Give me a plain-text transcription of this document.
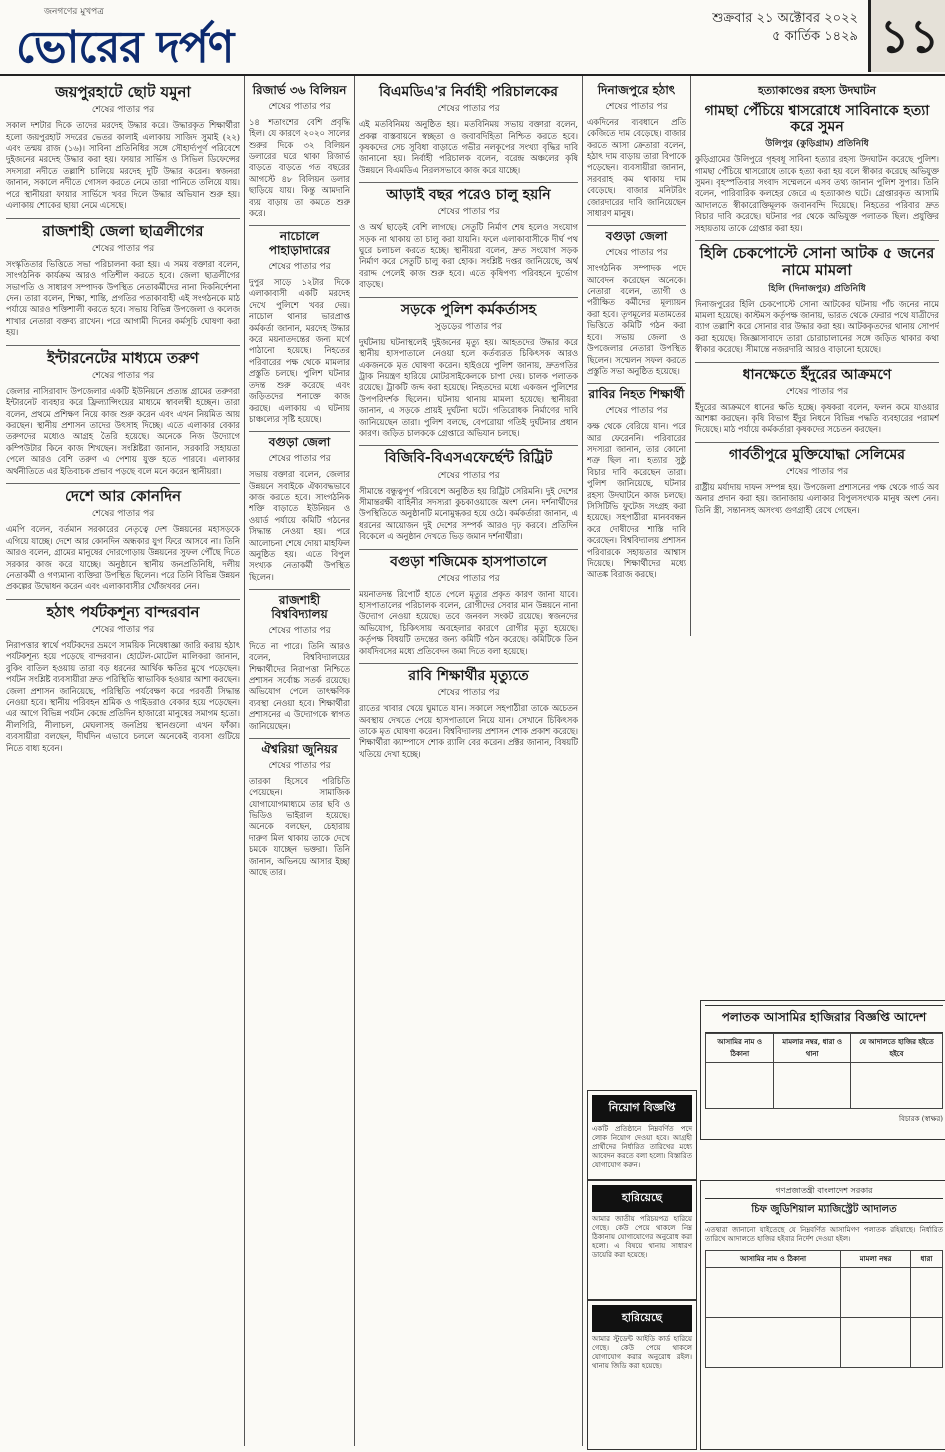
জনগণের মুখপত্র
ভোরের দর্পণ
শুক্রবার ২১ অক্টোবর ২০২২
৫ কার্তিক ১৪২৯ ১১
জয়পুরহাটে ছোট যমুনা
শেষের পাতার পর

সকাল দশটার দিকে তাদের মরদেহ উদ্ধার করে। উদ্ধারকৃত শিক্ষার্থীরা হলো জয়পুরহাট সদরের ভেতর কালাই এলাকায় সাজিদ সুমাই (২২) এবং তন্ময় রাজ (১৬)। সাবিনা প্রতিনিধির সঙ্গে সৌহার্দ্যপূর্ণ পরিবেশে দুইজনের মরদেহ উদ্ধার করা হয়। ফায়ার সার্ভিস ও সিভিল ডিফেন্সের সদস্যরা নদীতে তল্লাশি চালিয়ে মরদেহ দুটি উদ্ধার করেন। স্বজনরা জানান, সকালে নদীতে গোসল করতে নেমে তারা পানিতে তলিয়ে যায়। পরে স্থানীয়রা ফায়ার সার্ভিসে খবর দিলে উদ্ধার অভিযান শুরু হয়। এলাকায় শোকের ছায়া নেমে এসেছে।

রাজশাহী জেলা ছাত্রলীগের
শেষের পাতার পর

সংস্কৃতিতার ভিত্তিতে সভা পরিচালনা করা হয়। এ সময় বক্তারা বলেন, সাংগঠনিক কার্যক্রম আরও গতিশীল করতে হবে। জেলা ছাত্রলীগের সভাপতি ও সাধারণ সম্পাদক উপস্থিত নেতাকর্মীদের নানা দিকনির্দেশনা দেন। তারা বলেন, শিক্ষা, শান্তি, প্রগতির পতাকাবাহী এই সংগঠনকে মাঠ পর্যায়ে আরও শক্তিশালী করতে হবে। সভায় বিভিন্ন উপজেলা ও কলেজ শাখার নেতারা বক্তব্য রাখেন। পরে আগামী দিনের কর্মসূচি ঘোষণা করা হয়।

ইন্টারনেটের মাধ্যমে তরুণ
শেষের পাতার পর

জেলার নাসিরাবাদ উপজেলার একটি ইউনিয়নে প্রত্যন্ত গ্রামের তরুণরা ইন্টারনেট ব্যবহার করে ফ্রিল্যান্সিংয়ের মাধ্যমে স্বাবলম্বী হচ্ছেন। তারা বলেন, প্রথমে প্রশিক্ষণ নিয়ে কাজ শুরু করেন এবং এখন নিয়মিত আয় করছেন। স্থানীয় প্রশাসন তাদের উৎসাহ দিচ্ছে। এতে এলাকার বেকার তরুণদের মধ্যেও আগ্রহ তৈরি হয়েছে। অনেকে নিজ উদ্যোগে কম্পিউটার কিনে কাজ শিখছেন। সংশ্লিষ্টরা জানান, সরকারি সহায়তা পেলে আরও বেশি তরুণ এ পেশায় যুক্ত হতে পারবে। এলাকার অর্থনীতিতে এর ইতিবাচক প্রভাব পড়ছে বলে মনে করেন স্থানীয়রা।

দেশে আর কোনদিন
শেষের পাতার পর

এমপি বলেন, বর্তমান সরকারের নেতৃত্বে দেশ উন্নয়নের মহাসড়কে এগিয়ে যাচ্ছে। দেশে আর কোনদিন অন্ধকার যুগ ফিরে আসবে না। তিনি আরও বলেন, গ্রামের মানুষের দোরগোড়ায় উন্নয়নের সুফল পৌঁছে দিতে সরকার কাজ করে যাচ্ছে। অনুষ্ঠানে স্থানীয় জনপ্রতিনিধি, দলীয় নেতাকর্মী ও গণ্যমান্য ব্যক্তিরা উপস্থিত ছিলেন। পরে তিনি বিভিন্ন উন্নয়ন প্রকল্পের উদ্বোধন করেন এবং এলাকাবাসীর খোঁজখবর নেন।

হঠাৎ পর্যটকশূন্য বান্দরবান
শেষের পাতার পর

নিরাপত্তার স্বার্থে পর্যটকদের ভ্রমণে সাময়িক নিষেধাজ্ঞা জারি করায় হঠাৎ পর্যটকশূন্য হয়ে পড়েছে বান্দরবান। হোটেল-মোটেল মালিকরা জানান, বুকিং বাতিল হওয়ায় তারা বড় ধরনের আর্থিক ক্ষতির মুখে পড়েছেন। পর্যটন সংশ্লিষ্ট ব্যবসায়ীরা দ্রুত পরিস্থিতি স্বাভাবিক হওয়ার আশা করছেন। জেলা প্রশাসন জানিয়েছে, পরিস্থিতি পর্যবেক্ষণ করে পরবর্তী সিদ্ধান্ত নেওয়া হবে। স্থানীয় পরিবহন শ্রমিক ও গাইডরাও বেকার হয়ে পড়েছেন। এর আগে বিভিন্ন পর্যটন কেন্দ্রে প্রতিদিন হাজারো মানুষের সমাগম হতো। নীলগিরি, নীলাচল, মেঘলাসহ জনপ্রিয় স্থানগুলো এখন ফাঁকা। ব্যবসায়ীরা বলছেন, দীর্ঘদিন এভাবে চললে অনেকেই ব্যবসা গুটিয়ে নিতে বাধ্য হবেন।

রিজার্ভ ৩৬ বিলিয়ন
শেষের পাতার পর

১৪ শতাংশের বেশি প্রবৃদ্ধি হিল। যে কারণে ২০২০ সালের শুরুর দিকে ৩২ বিলিয়ন ডলারের ঘরে থাকা রিজার্ভ বাড়তে বাড়তে গত বছরের আগস্টে ৪৮ বিলিয়ন ডলার ছাড়িয়ে যায়। কিন্তু আমদানি ব্যয় বাড়ায় তা কমতে শুরু করে।

নাচোলে পাহাড়াদারের
শেষের পাতার পর

দুপুর সাড়ে ১২টার দিকে এলাকাবাসী একটি মরদেহ দেখে পুলিশে খবর দেয়। নাচোল থানার ভারপ্রাপ্ত কর্মকর্তা জানান, মরদেহ উদ্ধার করে ময়নাতদন্তের জন্য মর্গে পাঠানো হয়েছে। নিহতের পরিবারের পক্ষ থেকে মামলার প্রস্তুতি চলছে। পুলিশ ঘটনার তদন্ত শুরু করেছে এবং জড়িতদের শনাক্তে কাজ করছে। এলাকায় এ ঘটনায় চাঞ্চল্যের সৃষ্টি হয়েছে।

বগুড়া জেলা
শেষের পাতার পর

সভায় বক্তারা বলেন, জেলার উন্নয়নে সবাইকে ঐক্যবদ্ধভাবে কাজ করতে হবে। সাংগঠনিক শক্তি বাড়াতে ইউনিয়ন ও ওয়ার্ড পর্যায়ে কমিটি গঠনের সিদ্ধান্ত নেওয়া হয়। পরে আলোচনা শেষে দোয়া মাহফিল অনুষ্ঠিত হয়। এতে বিপুল সংখ্যক নেতাকর্মী উপস্থিত ছিলেন।

রাজশাহী বিশ্ববিদ্যালয়
শেষের পাতার পর

দিতে না পারে। তিনি আরও বলেন, বিশ্ববিদ্যালয়ের শিক্ষার্থীদের নিরাপত্তা নিশ্চিতে প্রশাসন সর্বোচ্চ সতর্ক রয়েছে। অভিযোগ পেলে তাৎক্ষণিক ব্যবস্থা নেওয়া হবে। শিক্ষার্থীরা প্রশাসনের এ উদ্যোগকে স্বাগত জানিয়েছেন।

ঐশ্বরিয়া জুনিয়র
শেষের পাতার পর

তারকা হিসেবে পরিচিতি পেয়েছেন। সামাজিক যোগাযোগমাধ্যমে তার ছবি ও ভিডিও ভাইরাল হয়েছে। অনেকে বলছেন, চেহারায় দারুণ মিল থাকায় তাকে দেখে চমকে যাচ্ছেন ভক্তরা। তিনি জানান, অভিনয়ে আসার ইচ্ছা আছে তার।

বিএমডিএ'র নির্বাহী পরিচালকের
শেষের পাতার পর

এই মতবিনিময় অনুষ্ঠিত হয়। মতবিনিময় সভায় বক্তারা বলেন, প্রকল্প বাস্তবায়নে স্বচ্ছতা ও জবাবদিহিতা নিশ্চিত করতে হবে। কৃষকদের সেচ সুবিধা বাড়াতে গভীর নলকূপের সংখ্যা বৃদ্ধির দাবি জানানো হয়। নির্বাহী পরিচালক বলেন, বরেন্দ্র অঞ্চলের কৃষি উন্নয়নে বিএমডিএ নিরলসভাবে কাজ করে যাচ্ছে।

আড়াই বছর পরেও চালু হয়নি
শেষের পাতার পর

ও অর্থ ছাড়েই বেশি লাগছে। সেতুটি নির্মাণ শেষ হলেও সংযোগ সড়ক না থাকায় তা চালু করা যায়নি। ফলে এলাকাবাসীকে দীর্ঘ পথ ঘুরে চলাচল করতে হচ্ছে। স্থানীয়রা বলেন, দ্রুত সংযোগ সড়ক নির্মাণ করে সেতুটি চালু করা হোক। সংশ্লিষ্ট দপ্তর জানিয়েছে, অর্থ বরাদ্দ পেলেই কাজ শুরু হবে। এতে কৃষিপণ্য পরিবহনে দুর্ভোগ বাড়ছে।

সড়কে পুলিশ কর্মকর্তাসহ
সুড়ড়ের পাতার পর

দুর্ঘটনায় ঘটনাস্থলেই দুইজনের মৃত্যু হয়। আহতদের উদ্ধার করে স্থানীয় হাসপাতালে নেওয়া হলে কর্তব্যরত চিকিৎসক আরও একজনকে মৃত ঘোষণা করেন। হাইওয়ে পুলিশ জানায়, দ্রুতগতির ট্রাক নিয়ন্ত্রণ হারিয়ে মোটরসাইকেলকে চাপা দেয়। চালক পলাতক রয়েছে। ট্রাকটি জব্দ করা হয়েছে। নিহতদের মধ্যে একজন পুলিশের উপপরিদর্শক ছিলেন। ঘটনায় থানায় মামলা হয়েছে। স্থানীয়রা জানান, এ সড়কে প্রায়ই দুর্ঘটনা ঘটে। গতিরোধক নির্মাণের দাবি জানিয়েছেন তারা। পুলিশ বলছে, বেপরোয়া গতিই দুর্ঘটনার প্রধান কারণ। জড়িত চালককে গ্রেপ্তারে অভিযান চলছে।

বিজিবি-বিএসএফের্ছেন্ট রিট্রিট
শেষের পাতার পর

সীমান্তে বন্ধুত্বপূর্ণ পরিবেশে অনুষ্ঠিত হয় রিট্রিট সেরিমনি। দুই দেশের সীমান্তরক্ষী বাহিনীর সদস্যরা কুচকাওয়াজে অংশ নেন। দর্শনার্থীদের উপস্থিতিতে অনুষ্ঠানটি মনোমুগ্ধকর হয়ে ওঠে। কর্মকর্তারা জানান, এ ধরনের আয়োজন দুই দেশের সম্পর্ক আরও দৃঢ় করবে। প্রতিদিন বিকেলে এ অনুষ্ঠান দেখতে ভিড় জমান দর্শনার্থীরা।

বগুড়া শজিমেক হাসপাতালে
শেষের পাতার পর

ময়নাতদন্ত রিপোর্ট হাতে পেলে মৃত্যুর প্রকৃত কারণ জানা যাবে। হাসপাতালের পরিচালক বলেন, রোগীদের সেবার মান উন্নয়নে নানা উদ্যোগ নেওয়া হয়েছে। তবে জনবল সংকট রয়েছে। স্বজনদের অভিযোগ, চিকিৎসায় অবহেলার কারণে রোগীর মৃত্যু হয়েছে। কর্তৃপক্ষ বিষয়টি তদন্তের জন্য কমিটি গঠন করেছে। কমিটিকে তিন কার্যদিবসের মধ্যে প্রতিবেদন জমা দিতে বলা হয়েছে।

রাবি শিক্ষার্থীর মৃত্যুতে
শেষের পাতার পর

রাতের খাবার খেয়ে ঘুমাতে যান। সকালে সহপাঠীরা তাকে অচেতন অবস্থায় দেখতে পেয়ে হাসপাতালে নিয়ে যান। সেখানে চিকিৎসক তাকে মৃত ঘোষণা করেন। বিশ্ববিদ্যালয় প্রশাসন শোক প্রকাশ করেছে। শিক্ষার্থীরা ক্যাম্পাসে শোক র‍্যালি বের করেন। প্রক্টর জানান, বিষয়টি খতিয়ে দেখা হচ্ছে।

দিনাজপুরে হঠাৎ
শেষের পাতার পর

একদিনের ব্যবধানে প্রতি কেজিতে দাম বেড়েছে। বাজার করতে আসা ক্রেতারা বলেন, হঠাৎ দাম বাড়ায় তারা বিপাকে পড়েছেন। ব্যবসায়ীরা জানান, সরবরাহ কম থাকায় দাম বেড়েছে। বাজার মনিটরিং জোরদারের দাবি জানিয়েছেন সাধারণ মানুষ।

বগুড়া জেলা
শেষের পাতার পর

সাংগঠনিক সম্পাদক পদে আবেদন করেছেন অনেকে। নেতারা বলেন, ত্যাগী ও পরীক্ষিত কর্মীদের মূল্যায়ন করা হবে। তৃণমূলের মতামতের ভিত্তিতে কমিটি গঠন করা হবে। সভায় জেলা ও উপজেলার নেতারা উপস্থিত ছিলেন। সম্মেলন সফল করতে প্রস্তুতি সভা অনুষ্ঠিত হয়েছে।

রাবির নিহত শিক্ষার্থী
শেষের পাতার পর

কক্ষ থেকে বেরিয়ে যান। পরে আর ফেরেননি। পরিবারের সদস্যরা জানান, তার কোনো শত্রু ছিল না। হত্যার সুষ্ঠু বিচার দাবি করেছেন তারা। পুলিশ জানিয়েছে, ঘটনার রহস্য উদঘাটনে কাজ চলছে। সিসিটিভি ফুটেজ সংগ্রহ করা হয়েছে। সহপাঠীরা মানববন্ধন করে দোষীদের শাস্তি দাবি করেছেন। বিশ্ববিদ্যালয় প্রশাসন পরিবারকে সহায়তার আশ্বাস দিয়েছে। শিক্ষার্থীদের মধ্যে আতঙ্ক বিরাজ করছে।

হত্যাকাণ্ডের রহস্য উদঘাটন
গামছা পেঁচিয়ে শ্বাসরোধে সাবিনাকে হত্যা করে সুমন
উলিপুর (কুড়িগ্রাম) প্রতিনিধি

কুড়িগ্রামের উলিপুরে গৃহবধূ সাবিনা হত্যার রহস্য উদঘাটন করেছে পুলিশ। গামছা পেঁচিয়ে শ্বাসরোধে তাকে হত্যা করা হয় বলে স্বীকার করেছে অভিযুক্ত সুমন। বৃহস্পতিবার সংবাদ সম্মেলনে এসব তথ্য জানান পুলিশ সুপার। তিনি বলেন, পারিবারিক কলহের জেরে এ হত্যাকাণ্ড ঘটে। গ্রেপ্তারকৃত আসামি আদালতে স্বীকারোক্তিমূলক জবানবন্দি দিয়েছে। নিহতের পরিবার দ্রুত বিচার দাবি করেছে। ঘটনার পর থেকে অভিযুক্ত পলাতক ছিল। প্রযুক্তির সহায়তায় তাকে গ্রেপ্তার করা হয়।

হিলি চেকপোস্টে সোনা আটক ৫ জনের নামে মামলা
হিলি (দিনাজপুর) প্রতিনিধি

দিনাজপুরের হিলি চেকপোস্টে সোনা আটকের ঘটনায় পাঁচ জনের নামে মামলা হয়েছে। কাস্টমস কর্তৃপক্ষ জানায়, ভারত থেকে ফেরার পথে যাত্রীদের ব্যাগ তল্লাশি করে সোনার বার উদ্ধার করা হয়। আটককৃতদের থানায় সোপর্দ করা হয়েছে। জিজ্ঞাসাবাদে তারা চোরাচালানের সঙ্গে জড়িত থাকার কথা স্বীকার করেছে। সীমান্তে নজরদারি আরও বাড়ানো হয়েছে।

ধানক্ষেতে ইঁদুরের আক্রমণে
শেষের পাতার পর

ইঁদুরের আক্রমণে ধানের ক্ষতি হচ্ছে। কৃষকরা বলেন, ফলন কমে যাওয়ার আশঙ্কা করছেন। কৃষি বিভাগ ইঁদুর নিধনে বিভিন্ন পদ্ধতি ব্যবহারের পরামর্শ দিয়েছে। মাঠ পর্যায়ে কর্মকর্তারা কৃষকদের সচেতন করছেন।

গার্বতীপুরে মুক্তিযোদ্ধা সেলিমের
শেষের পাতার পর

রাষ্ট্রীয় মর্যাদায় দাফন সম্পন্ন হয়। উপজেলা প্রশাসনের পক্ষ থেকে গার্ড অব অনার প্রদান করা হয়। জানাজায় এলাকার বিপুলসংখ্যক মানুষ অংশ নেন। তিনি স্ত্রী, সন্তানসহ অসংখ্য গুণগ্রাহী রেখে গেছেন।

পলাতক আসামির হাজিরার বিজ্ঞপ্তি আদেশ
আসামির নাম ও ঠিকানা	মামলার নম্বর, ধারা ও থানা	যে আদালতে হাজির হইতে হইবে

বিচারক (স্বাক্ষর)
নিয়োগ বিজ্ঞপ্তি

একটি প্রতিষ্ঠানে নিম্নবর্ণিত পদে লোক নিয়োগ দেওয়া হবে। আগ্রহী প্রার্থীদের নির্ধারিত তারিখের মধ্যে আবেদন করতে বলা হলো। বিস্তারিত যোগাযোগ করুন।

হারিয়েছে

আমার জাতীয় পরিচয়পত্র হারিয়ে গেছে। কেউ পেয়ে থাকলে নিম্ন ঠিকানায় যোগাযোগের অনুরোধ করা হলো। এ বিষয়ে থানায় সাধারণ ডায়েরি করা হয়েছে।

হারিয়েছে

আমার স্টুডেন্ট আইডি কার্ড হারিয়ে গেছে। কেউ পেয়ে থাকলে যোগাযোগ করার অনুরোধ রইল। থানায় জিডি করা হয়েছে।

গণপ্রজাতন্ত্রী বাংলাদেশ সরকার
চিফ জুডিশিয়াল ম্যাজিস্ট্রেট আদালত

এতদ্বারা জানানো যাইতেছে যে নিম্নবর্ণিত আসামিগণ পলাতক রহিয়াছে। নির্ধারিত তারিখে আদালতে হাজির হইবার নির্দেশ দেওয়া হইল।

আসামির নাম ও ঠিকানা	মামলা নম্বর	ধারা
